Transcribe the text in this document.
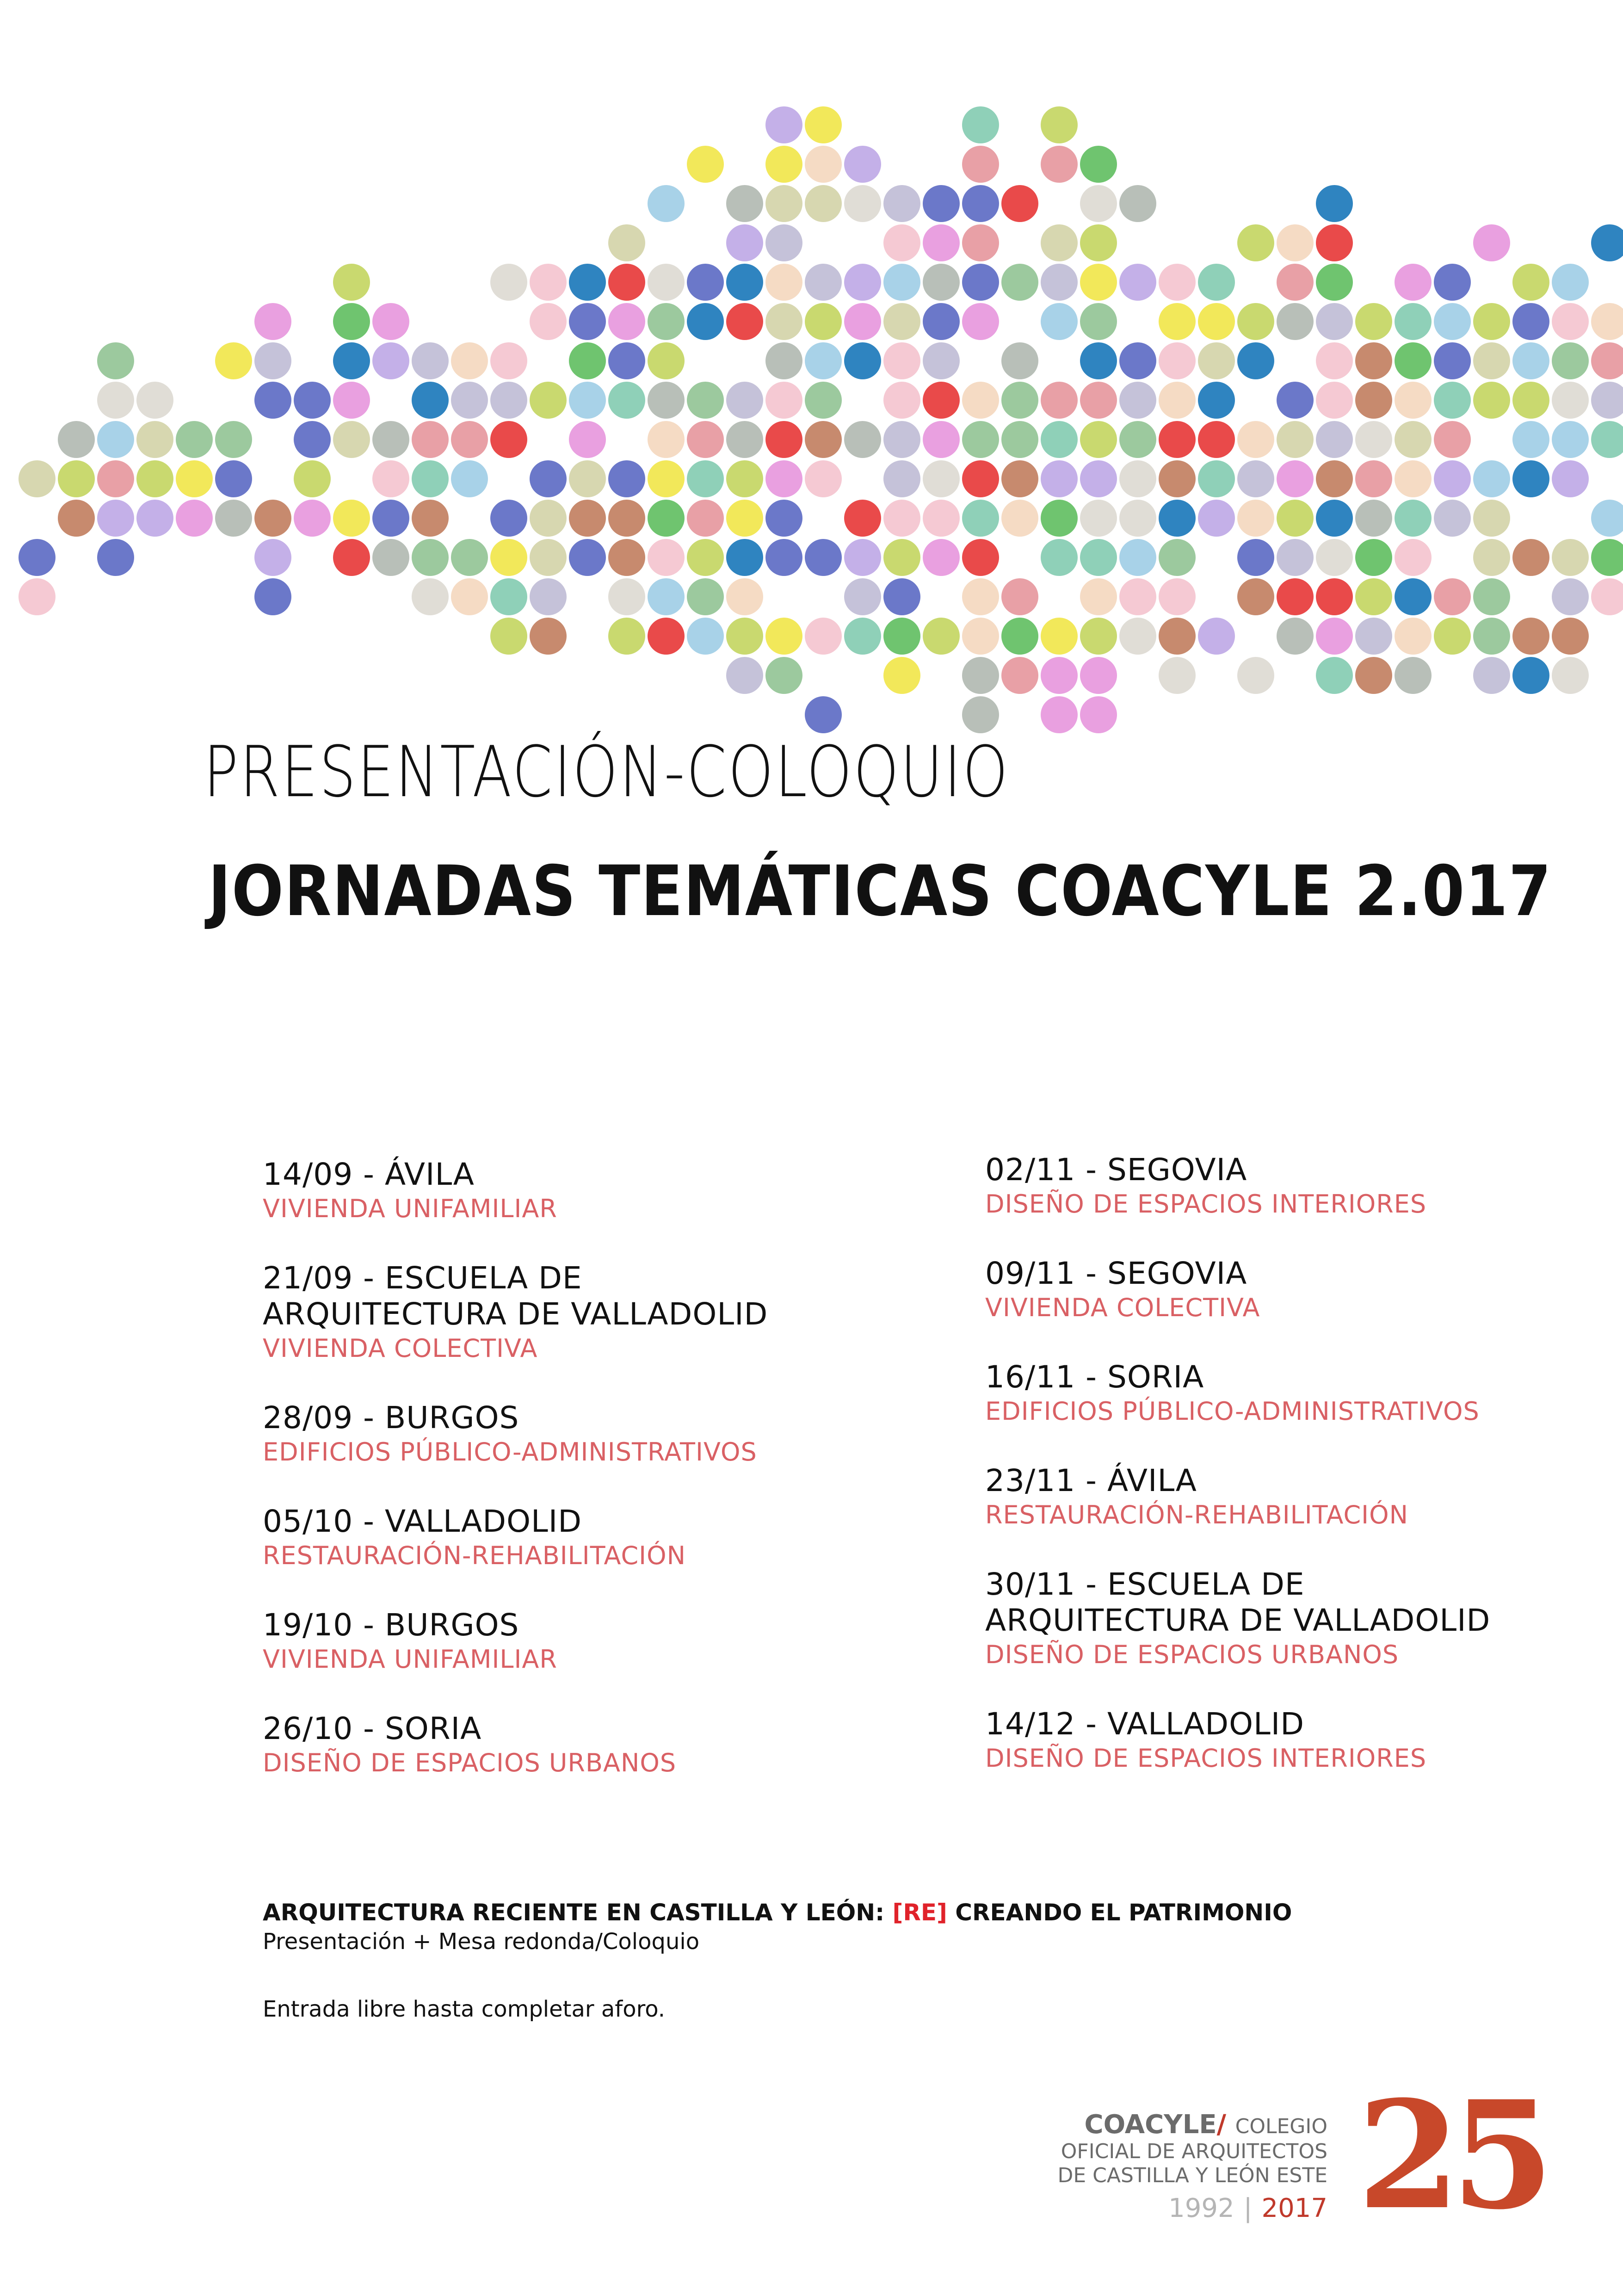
PRESENTACIÓN-COLOQUIO
JORNADAS TEMÁTICAS COACYLE 2.017
14/09 - ÁVILA
VIVIENDA UNIFAMILIAR
21/09 - ESCUELA DE
ARQUITECTURA DE VALLADOLID
VIVIENDA COLECTIVA
28/09 - BURGOS
EDIFICIOS PÚBLICO-ADMINISTRATIVOS
05/10 - VALLADOLID
RESTAURACIÓN-REHABILITACIÓN
19/10 - BURGOS
VIVIENDA UNIFAMILIAR
26/10 - SORIA
DISEÑO DE ESPACIOS URBANOS
02/11 - SEGOVIA
DISEÑO DE ESPACIOS INTERIORES
09/11 - SEGOVIA
VIVIENDA COLECTIVA
16/11 - SORIA
EDIFICIOS PÚBLICO-ADMINISTRATIVOS
23/11 - ÁVILA
RESTAURACIÓN-REHABILITACIÓN
30/11 - ESCUELA DE
ARQUITECTURA DE VALLADOLID
DISEÑO DE ESPACIOS URBANOS
14/12 - VALLADOLID
DISEÑO DE ESPACIOS INTERIORES
ARQUITECTURA RECIENTE EN CASTILLA Y LEÓN: [RE] CREANDO EL PATRIMONIO
Presentación + Mesa redonda/Coloquio
Entrada libre hasta completar aforo.
COACYLE/ COLEGIO
OFICIAL DE ARQUITECTOS
DE CASTILLA Y LEÓN ESTE
1992 | 2017 25
